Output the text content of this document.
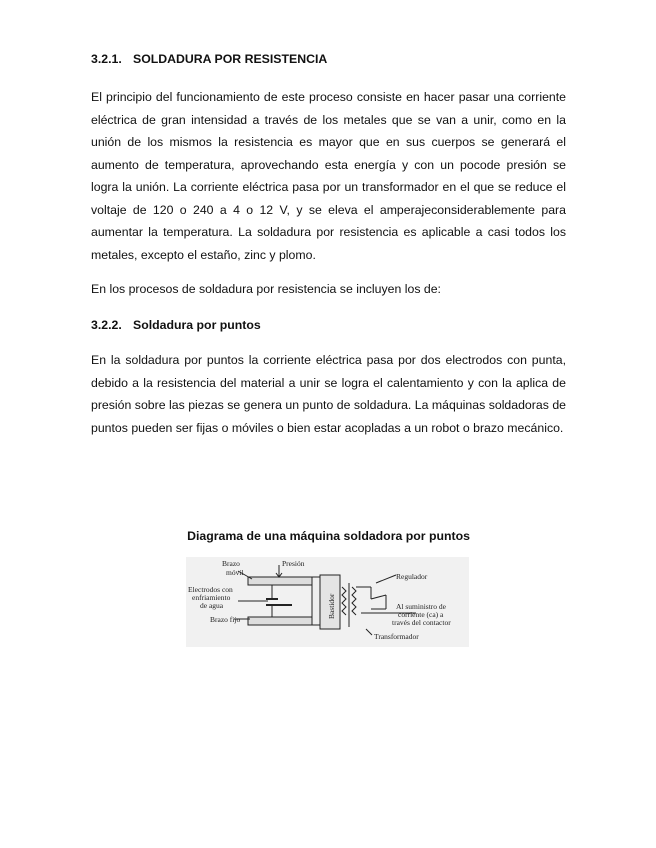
3.2.1. SOLDADURA POR RESISTENCIA
El principio del funcionamiento de este proceso consiste en hacer pasar una corriente eléctrica de gran intensidad a través de los metales que se van a unir, como en la unión de los mismos la resistencia es mayor que en sus cuerpos se generará el aumento de temperatura, aprovechando esta energía y con un pocode presión se logra la unión. La corriente eléctrica pasa por un transformador en el que se reduce el voltaje de 120 o 240 a 4 o 12 V, y se eleva el amperajeconsiderablemente para aumentar la temperatura. La soldadura por resistencia es aplicable a casi todos los metales, excepto el estaño, zinc y plomo.
En los procesos de soldadura por resistencia se incluyen los de:
3.2.2. Soldadura por puntos
En la soldadura por puntos la corriente eléctrica pasa por dos electrodos con punta, debido a la resistencia del material a unir se logra el calentamiento y con la aplica de presión sobre las piezas se genera un punto de soldadura. La máquinas soldadoras de puntos pueden ser fijas o móviles o bien estar acopladas a un robot o brazo mecánico.
Diagrama de una máquina soldadora por puntos
Brazo
móvil
Presión
Electrodos con
enfriamiento
de agua
Brazo fijo
Bastidor
Regulador
Al suministro de
corriente (ca) a
través del contactor
Transformador
